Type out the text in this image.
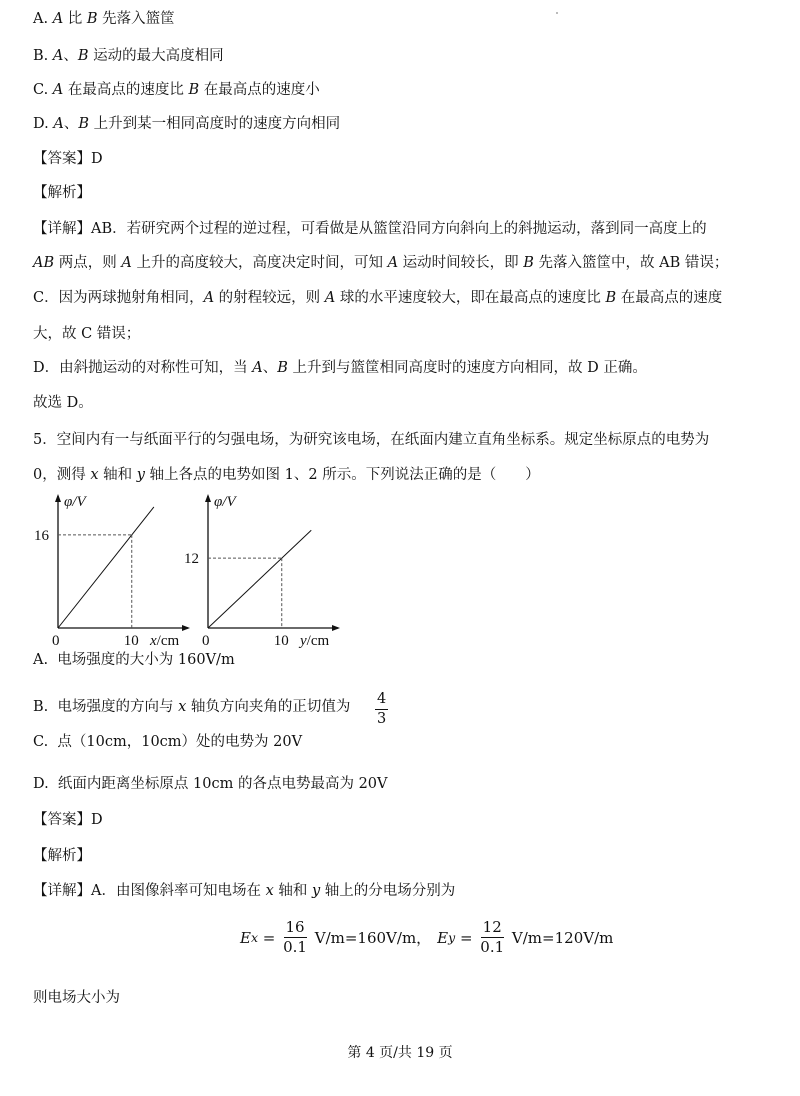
A. A 比 B 先落入篮筐
B. A、B 运动的最大高度相同
C. A 在最高点的速度比 B 在最高点的速度小
D. A、B 上升到某一相同高度时的速度方向相同
【答案】D
【解析】
【详解】AB．若研究两个过程的逆过程，可看做是从篮筐沿同方向斜向上的斜抛运动，落到同一高度上的
AB 两点，则 A 上升的高度较大，高度决定时间，可知 A 运动时间较长，即 B 先落入篮筐中，故 AB 错误；
C．因为两球抛射角相同，A 的射程较远，则 A 球的水平速度较大，即在最高点的速度比 B 在最高点的速度
大，故 C 错误；
D．由斜抛运动的对称性可知，当 A、B 上升到与篮筐相同高度时的速度方向相同，故 D 正确。
故选 D。
5．空间内有一与纸面平行的匀强电场，为研究该电场，在纸面内建立直角坐标系。规定坐标原点的电势为
0，测得 x 轴和 y 轴上各点的电势如图 1、2 所示。下列说法正确的是（　　）
A.  电场强度的大小为 160V/m
B.  电场强度的方向与 x 轴负方向夹角的正切值为
C.  点（10cm，10cm）处的电势为 20V
D.  纸面内距离坐标原点 10cm 的各点电势最高为 20V
【答案】D
【解析】
【详解】A．由图像斜率可知电场在 x 轴和 y 轴上的分电场分别为
则电场大小为
φ/V
16
0	10 x/cm
φ/V
12
0	10 y/cm
$\frac{4}{3}$
E $x = \frac{16}{0.1} V/m=160V/m$， E $y = \frac{12}{0.1} V/m=120V/m$
第 4 页/共 19 页
